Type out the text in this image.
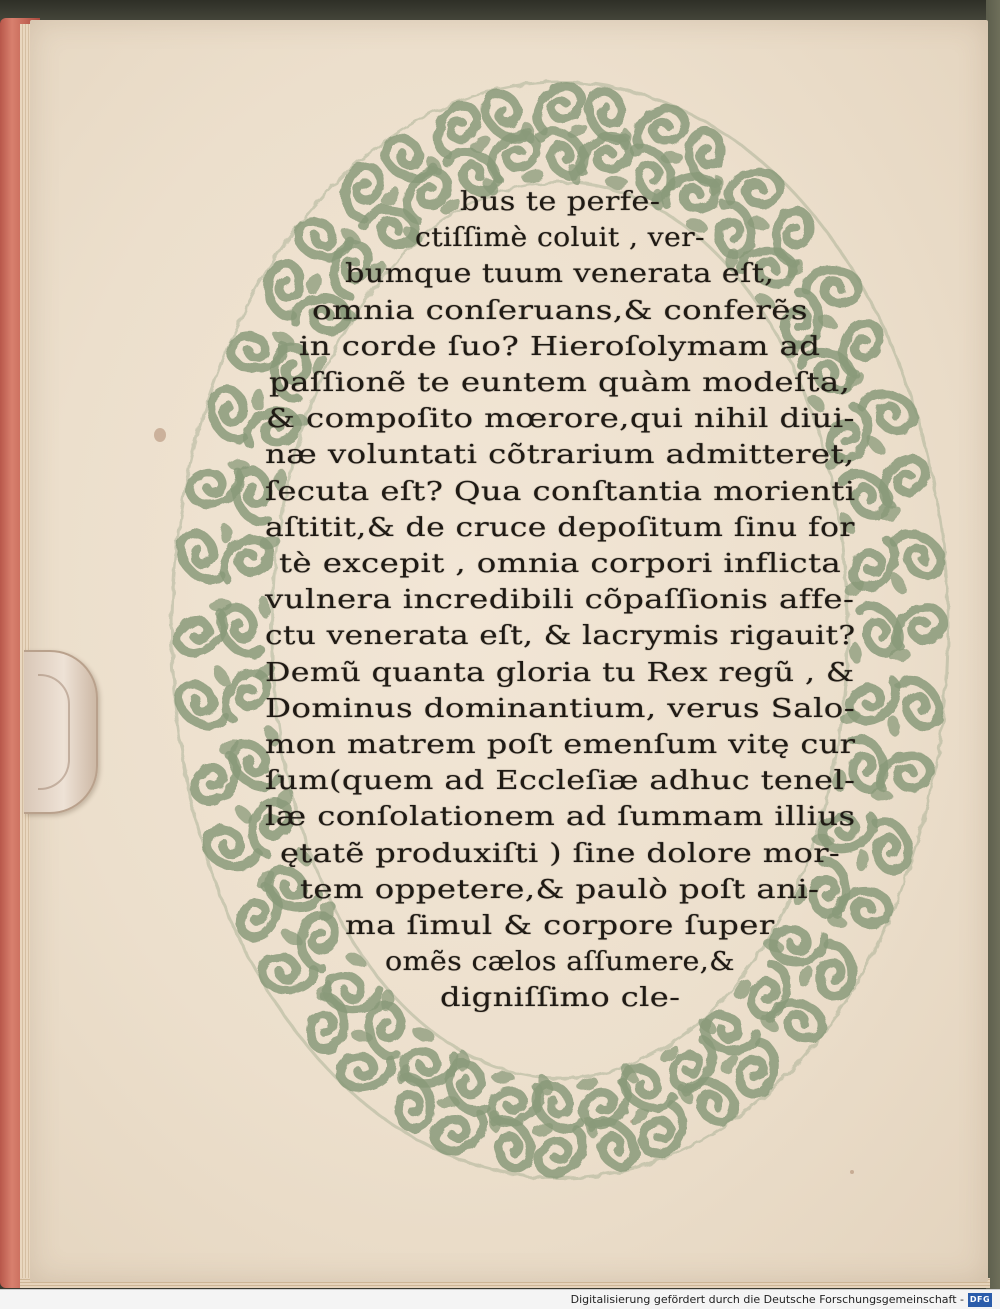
bus te perfe-
ctiſſimè coluit , ver-
bumque tuum venerata eſt,
omnia conſeruans,& conferẽs
in corde ſuo? Hieroſolymam ad
paſſionẽ te euntem quàm modeſta,
& compoſito mœrore,qui nihil diui-
næ voluntati cõtrarium admitteret,
ſecuta eſt? Qua conſtantia morienti
aſtitit,& de cruce depoſitum ſinu for
tè excepit , omnia corpori inflicta
vulnera incredibili cõpaſſionis affe-
ctu venerata eſt, & lacrymis rigauit?
Demũ quanta gloria tu Rex regũ , &
Dominus dominantium, verus Salo-
mon matrem poſt emenſum vitę cur
ſum(quem ad Eccleſiæ adhuc tenel-
læ conſolationem ad ſummam illius
ętatẽ produxiſti ) ſine dolore mor-
tem oppetere,& paulò poſt ani-
ma ſimul & corpore ſuper
omẽs cælos aſſumere,&
digniſſimo cle-
Digitalisierung gefördert durch die Deutsche Forschungsgemeinschaft - DFG
